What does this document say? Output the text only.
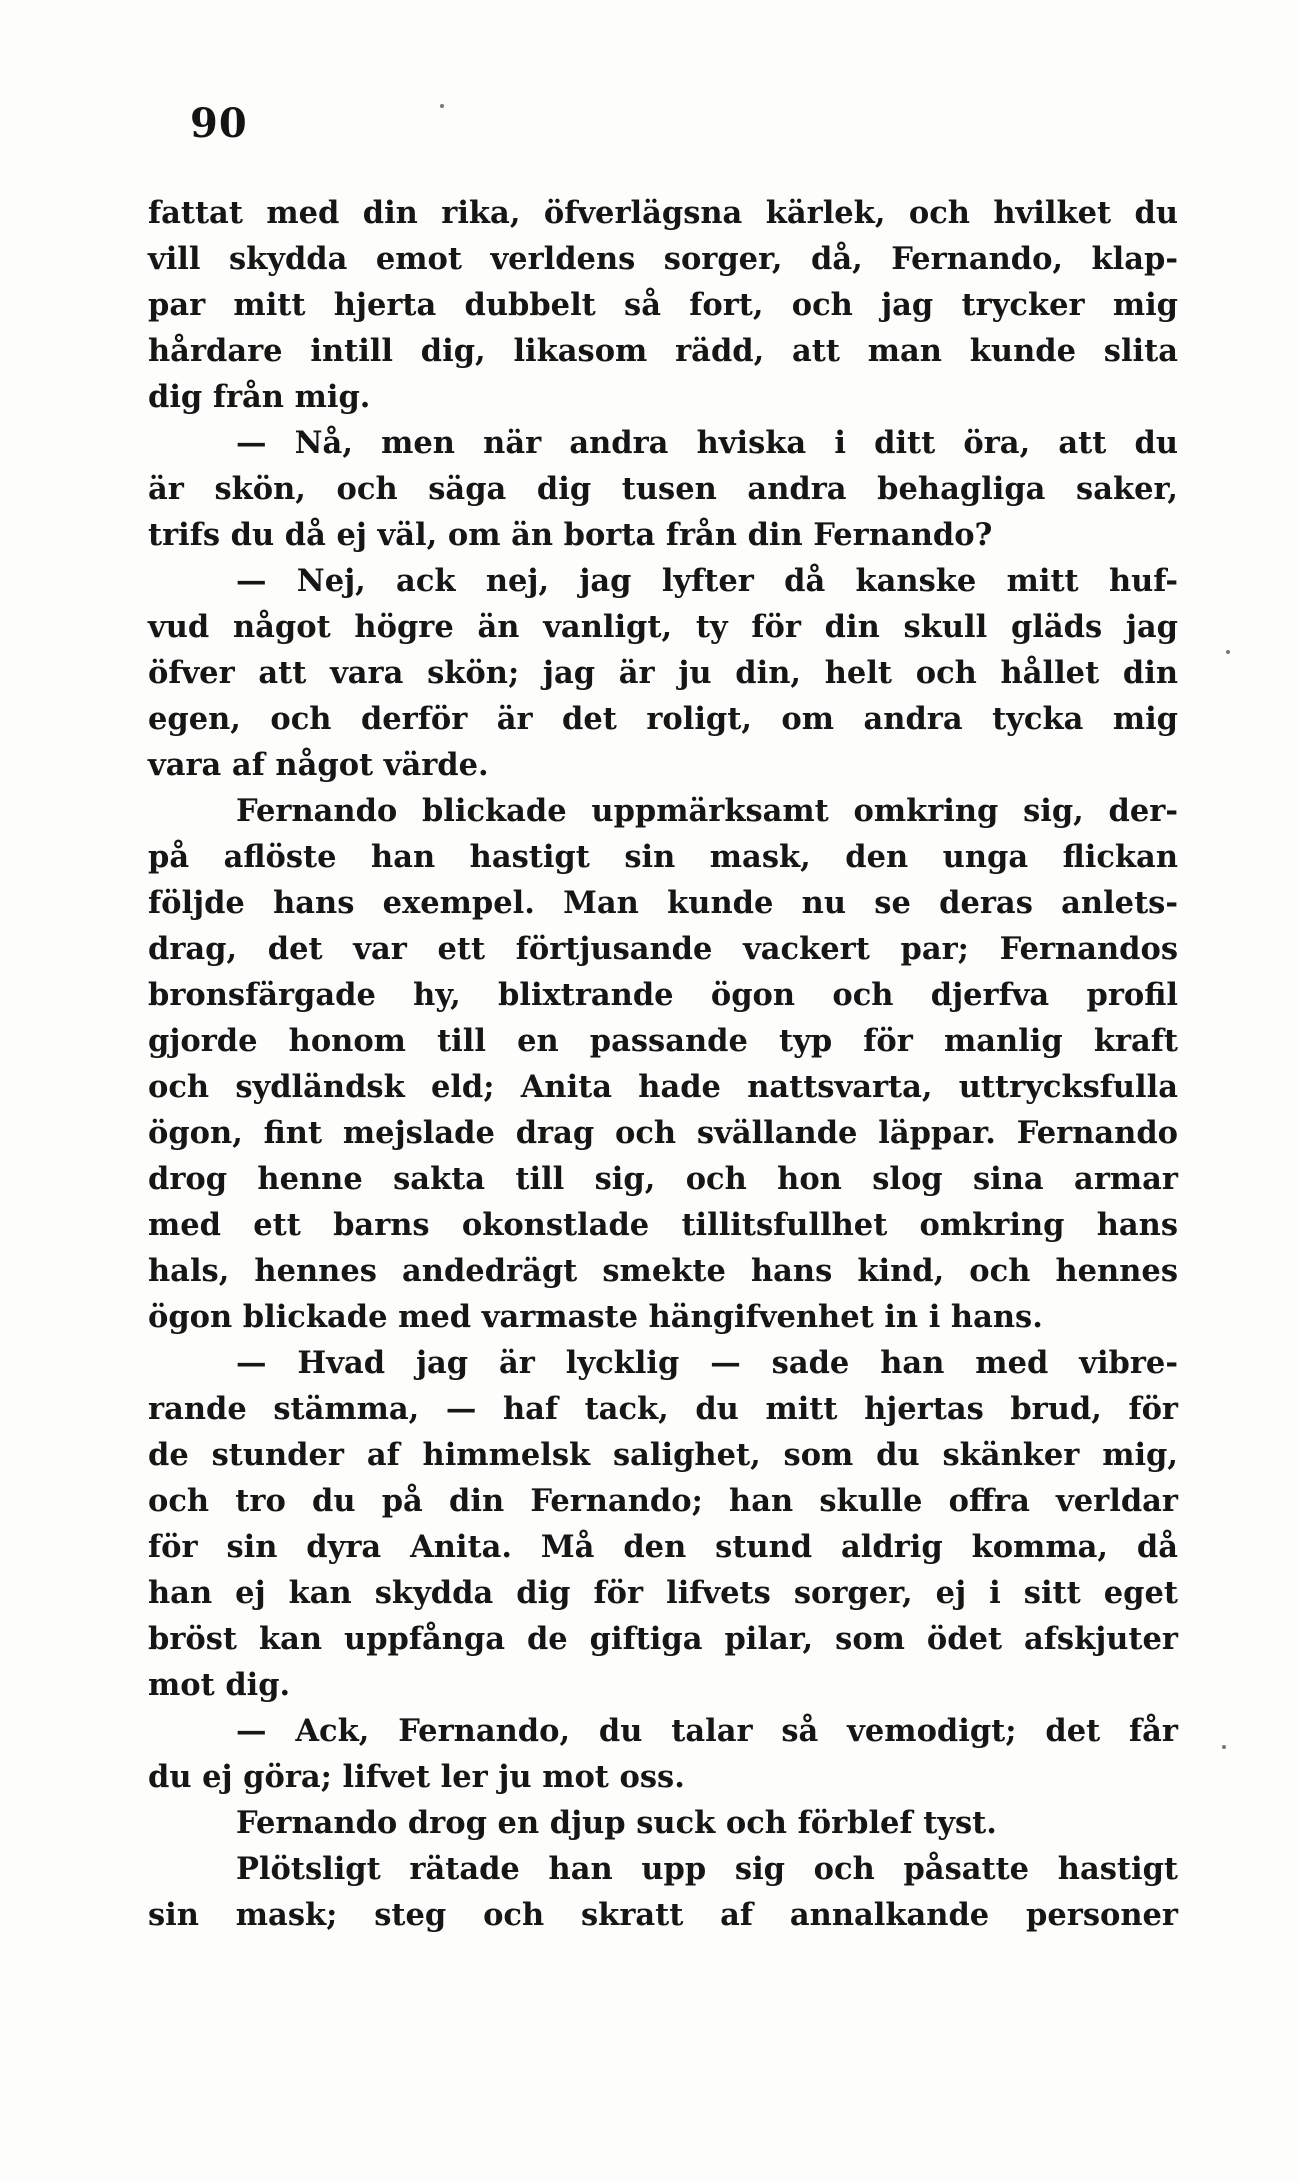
90
fattat med din rika, öfverlägsna kärlek, och hvilket du
vill skydda emot verldens sorger, då, Fernando, klap-
par mitt hjerta dubbelt så fort, och jag trycker mig
hårdare intill dig, likasom rädd, att man kunde slita
dig från mig.
— Nå, men när andra hviska i ditt öra, att du
är skön, och säga dig tusen andra behagliga saker,
trifs du då ej väl, om än borta från din Fernando?
— Nej, ack nej, jag lyfter då kanske mitt huf-
vud något högre än vanligt, ty för din skull gläds jag
öfver att vara skön; jag är ju din, helt och hållet din
egen, och derför är det roligt, om andra tycka mig
vara af något värde.
Fernando blickade uppmärksamt omkring sig, der-
på aflöste han hastigt sin mask, den unga flickan
följde hans exempel. Man kunde nu se deras anlets-
drag, det var ett förtjusande vackert par; Fernandos
bronsfärgade hy, blixtrande ögon och djerfva profil
gjorde honom till en passande typ för manlig kraft
och sydländsk eld; Anita hade nattsvarta, uttrycksfulla
ögon, fint mejslade drag och svällande läppar. Fernando
drog henne sakta till sig, och hon slog sina armar
med ett barns okonstlade tillitsfullhet omkring hans
hals, hennes andedrägt smekte hans kind, och hennes
ögon blickade med varmaste hängifvenhet in i hans.
— Hvad jag är lycklig — sade han med vibre-
rande stämma, — haf tack, du mitt hjertas brud, för
de stunder af himmelsk salighet, som du skänker mig,
och tro du på din Fernando; han skulle offra verldar
för sin dyra Anita. Må den stund aldrig komma, då
han ej kan skydda dig för lifvets sorger, ej i sitt eget
bröst kan uppfånga de giftiga pilar, som ödet afskjuter
mot dig.
— Ack, Fernando, du talar så vemodigt; det får
du ej göra; lifvet ler ju mot oss.
Fernando drog en djup suck och förblef tyst.
Plötsligt rätade han upp sig och påsatte hastigt
sin mask; steg och skratt af annalkande personer
